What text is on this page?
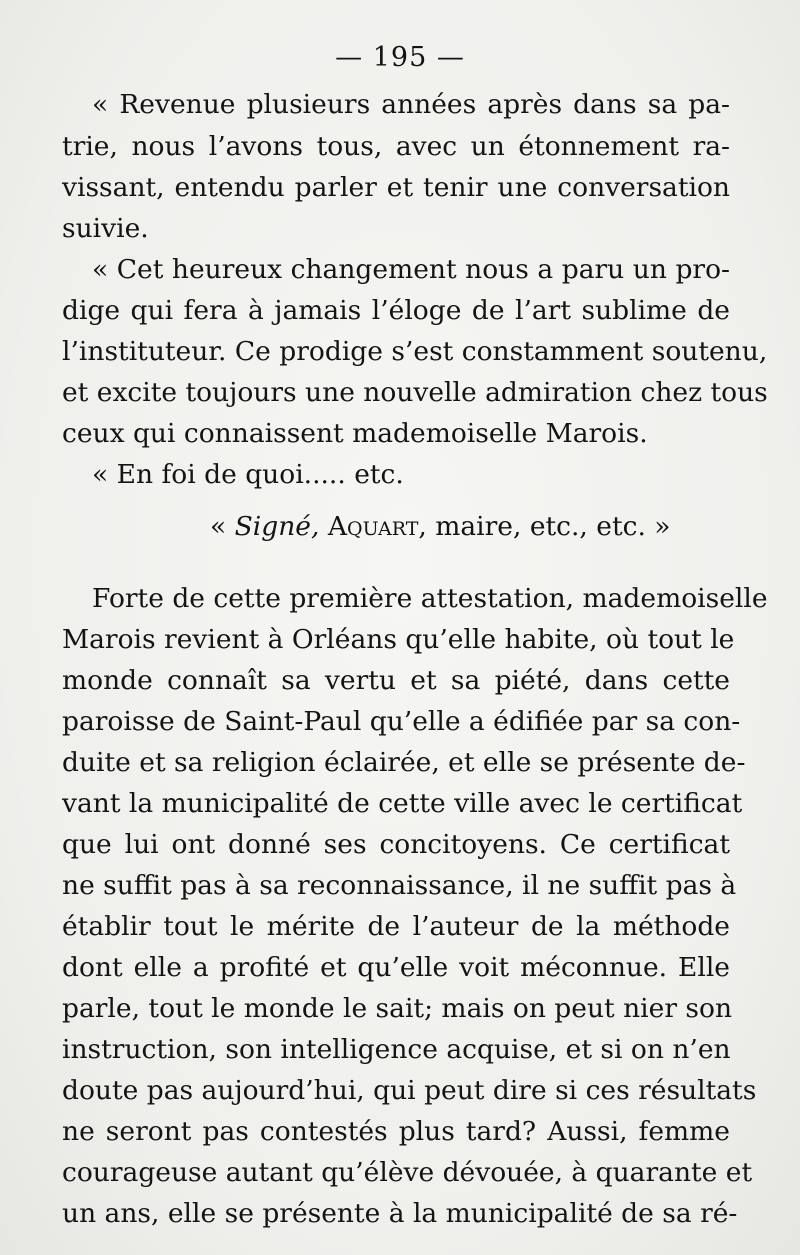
— 195 —
« Revenue plusieurs années après dans sa pa-
trie, nous l’avons tous, avec un étonnement ra-
vissant, entendu parler et tenir une conversation
suivie.
« Cet heureux changement nous a paru un pro-
dige qui fera à jamais l’éloge de l’art sublime de
l’instituteur. Ce prodige s’est constamment soutenu,
et excite toujours une nouvelle admiration chez tous
ceux qui connaissent mademoiselle Marois.
« En foi de quoi..... etc.
« Signé, Aquart, maire, etc., etc. »
Forte de cette première attestation, mademoiselle
Marois revient à Orléans qu’elle habite, où tout le
monde connaît sa vertu et sa piété, dans cette
paroisse de Saint-Paul qu’elle a édifiée par sa con-
duite et sa religion éclairée, et elle se présente de-
vant la municipalité de cette ville avec le certificat
que lui ont donné ses concitoyens. Ce certificat
ne suffit pas à sa reconnaissance, il ne suffit pas à
établir tout le mérite de l’auteur de la méthode
dont elle a profité et qu’elle voit méconnue. Elle
parle, tout le monde le sait; mais on peut nier son
instruction, son intelligence acquise, et si on n’en
doute pas aujourd’hui, qui peut dire si ces résultats
ne seront pas contestés plus tard? Aussi, femme
courageuse autant qu’élève dévouée, à quarante et
un ans, elle se présente à la municipalité de sa ré-
